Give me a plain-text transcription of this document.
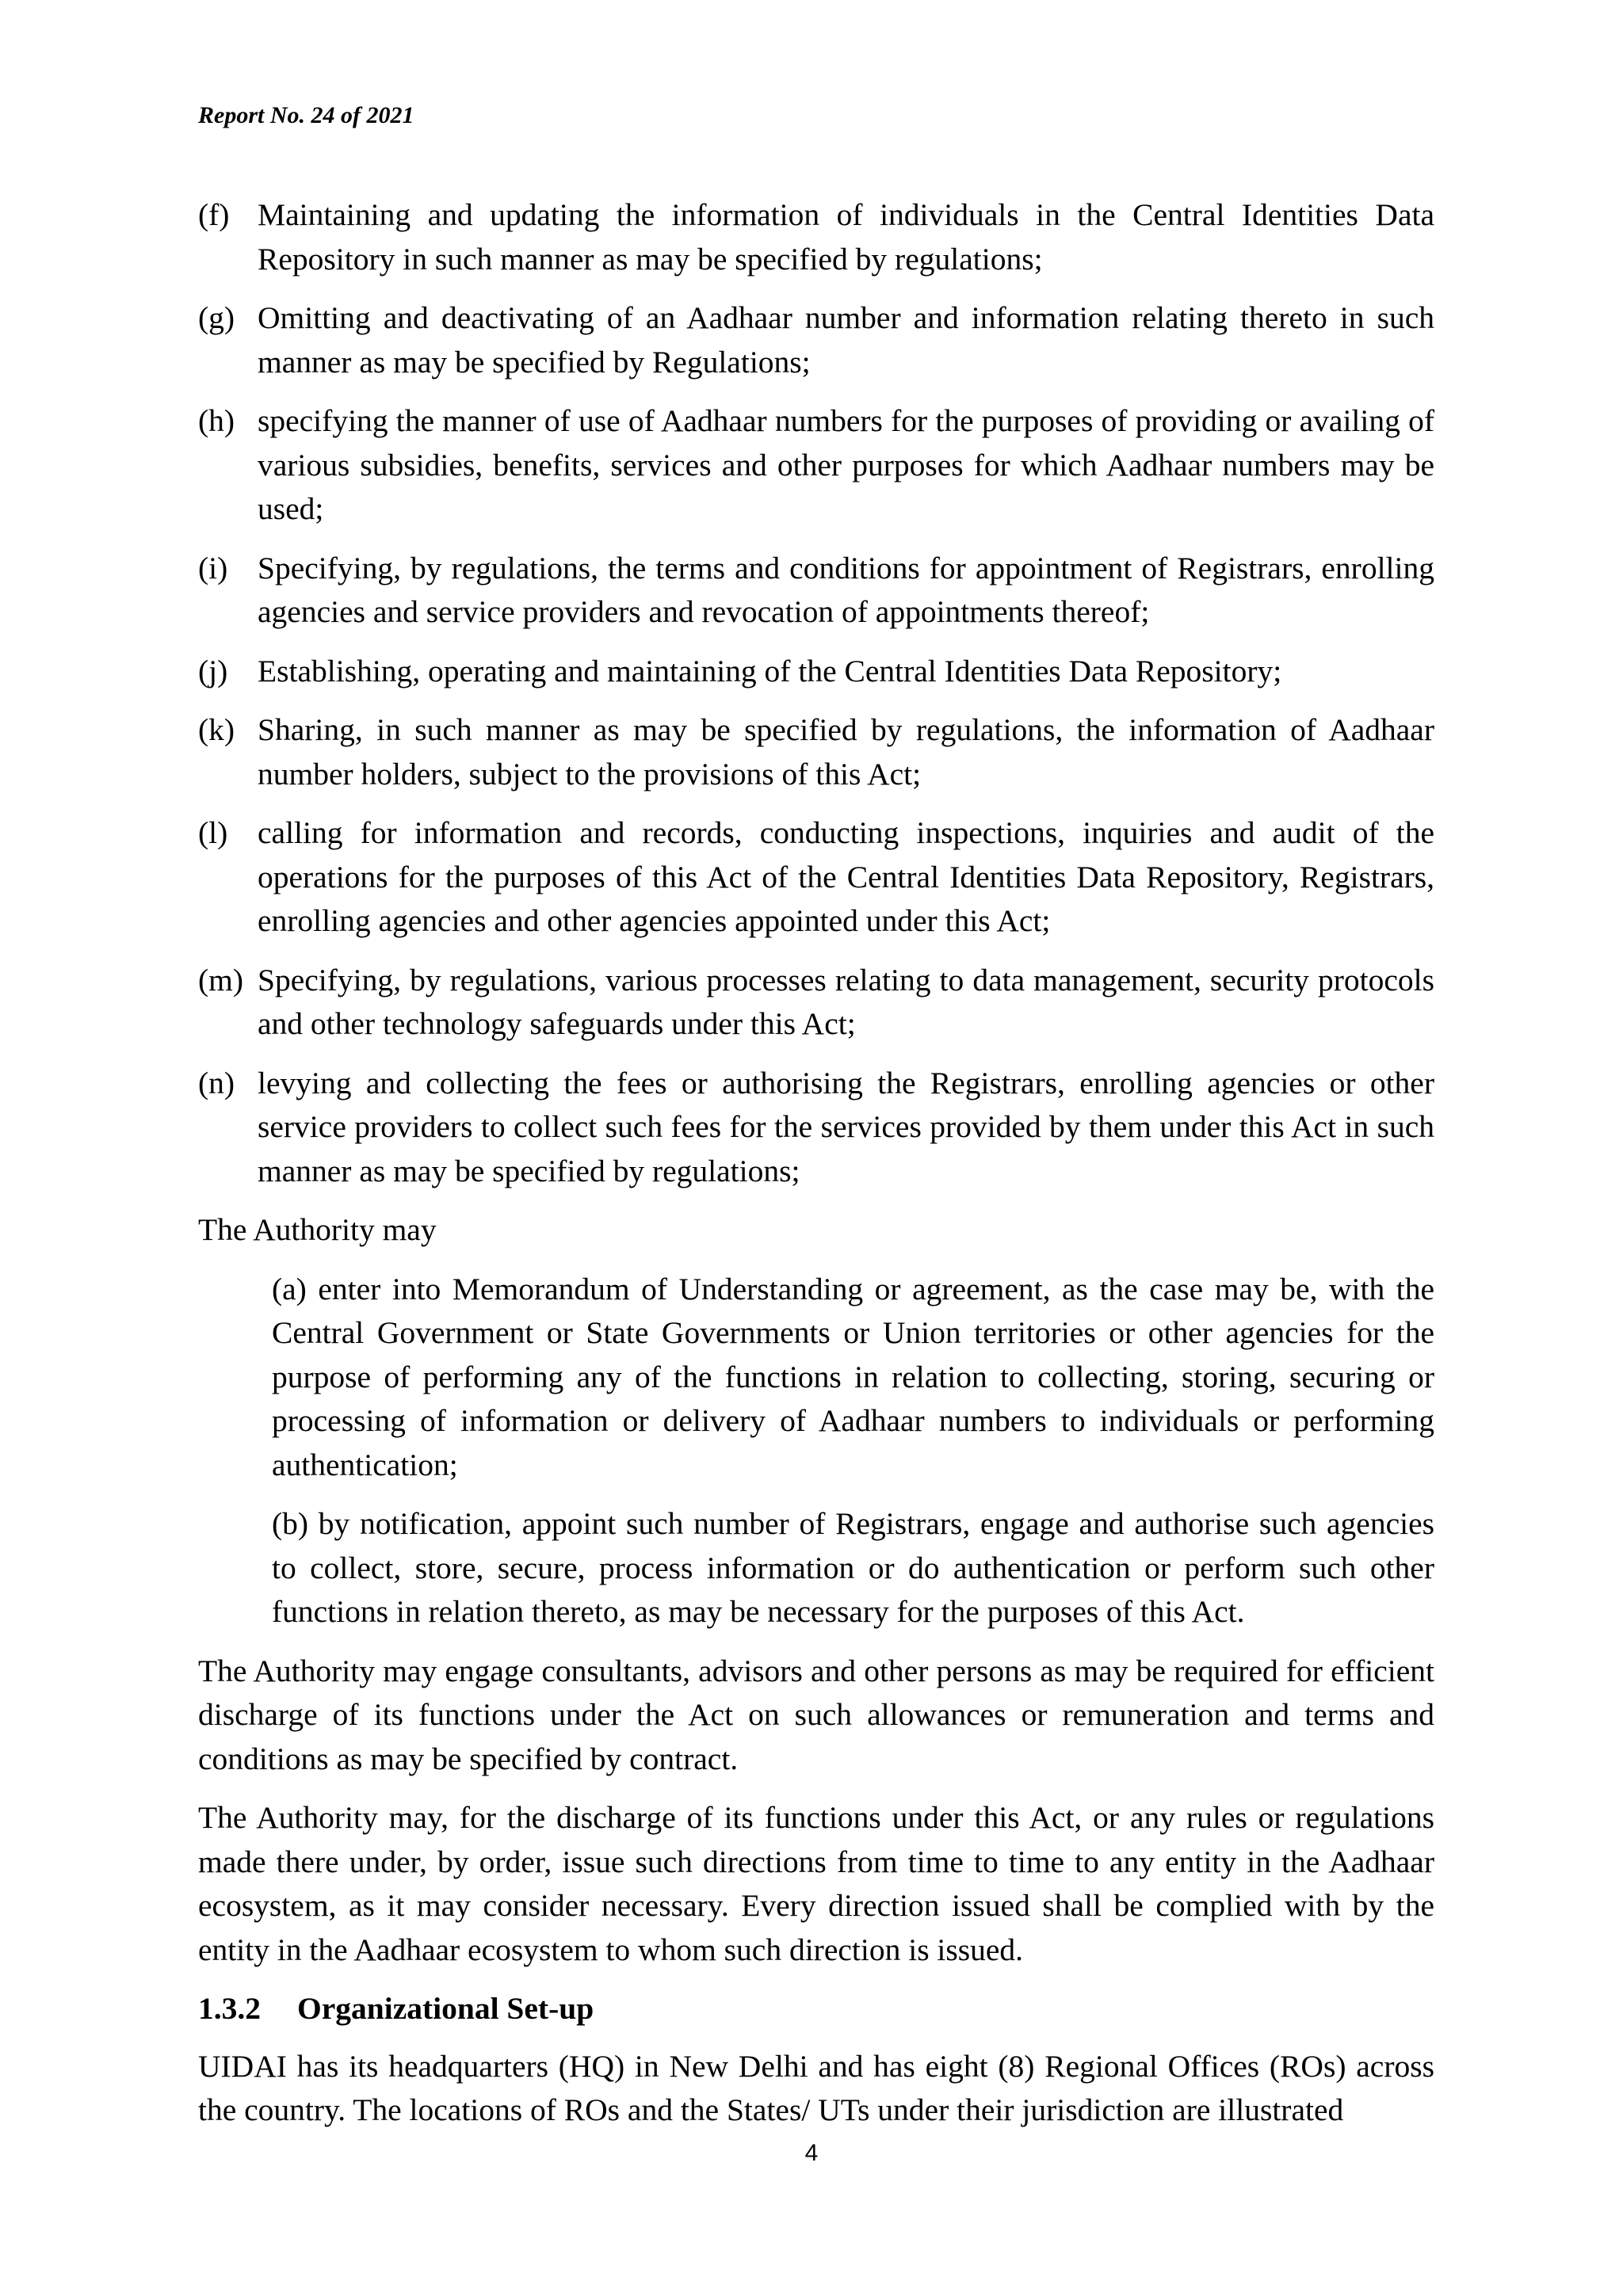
Report No. 24 of 2021
(f) Maintaining and updating the information of individuals in the Central Identities Data Repository in such manner as may be specified by regulations;
(g) Omitting and deactivating of an Aadhaar number and information relating thereto in such manner as may be specified by Regulations;
(h) specifying the manner of use of Aadhaar numbers for the purposes of providing or availing of various subsidies, benefits, services and other purposes for which Aadhaar numbers may be used;
(i) Specifying, by regulations, the terms and conditions for appointment of Registrars, enrolling agencies and service providers and revocation of appointments thereof;
(j) Establishing, operating and maintaining of the Central Identities Data Repository;
(k) Sharing, in such manner as may be specified by regulations, the information of Aadhaar number holders, subject to the provisions of this Act;
(l) calling for information and records, conducting inspections, inquiries and audit of the operations for the purposes of this Act of the Central Identities Data Repository, Registrars, enrolling agencies and other agencies appointed under this Act;
(m) Specifying, by regulations, various processes relating to data management, security protocols and other technology safeguards under this Act;
(n) levying and collecting the fees or authorising the Registrars, enrolling agencies or other service providers to collect such fees for the services provided by them under this Act in such manner as may be specified by regulations;
The Authority may
(a) enter into Memorandum of Understanding or agreement, as the case may be, with the Central Government or State Governments or Union territories or other agencies for the purpose of performing any of the functions in relation to collecting, storing, securing or processing of information or delivery of Aadhaar numbers to individuals or performing authentication;
(b) by notification, appoint such number of Registrars, engage and authorise such agencies to collect, store, secure, process information or do authentication or perform such other functions in relation thereto, as may be necessary for the purposes of this Act.
The Authority may engage consultants, advisors and other persons as may be required for efficient discharge of its functions under the Act on such allowances or remuneration and terms and conditions as may be specified by contract.
The Authority may, for the discharge of its functions under this Act, or any rules or regulations made there under, by order, issue such directions from time to time to any entity in the Aadhaar ecosystem, as it may consider necessary. Every direction issued shall be complied with by the entity in the Aadhaar ecosystem to whom such direction is issued.
1.3.2	Organizational Set-up
UIDAI has its headquarters (HQ) in New Delhi and has eight (8) Regional Offices (ROs) across the country. The locations of ROs and the States/ UTs under their jurisdiction are illustrated
4
